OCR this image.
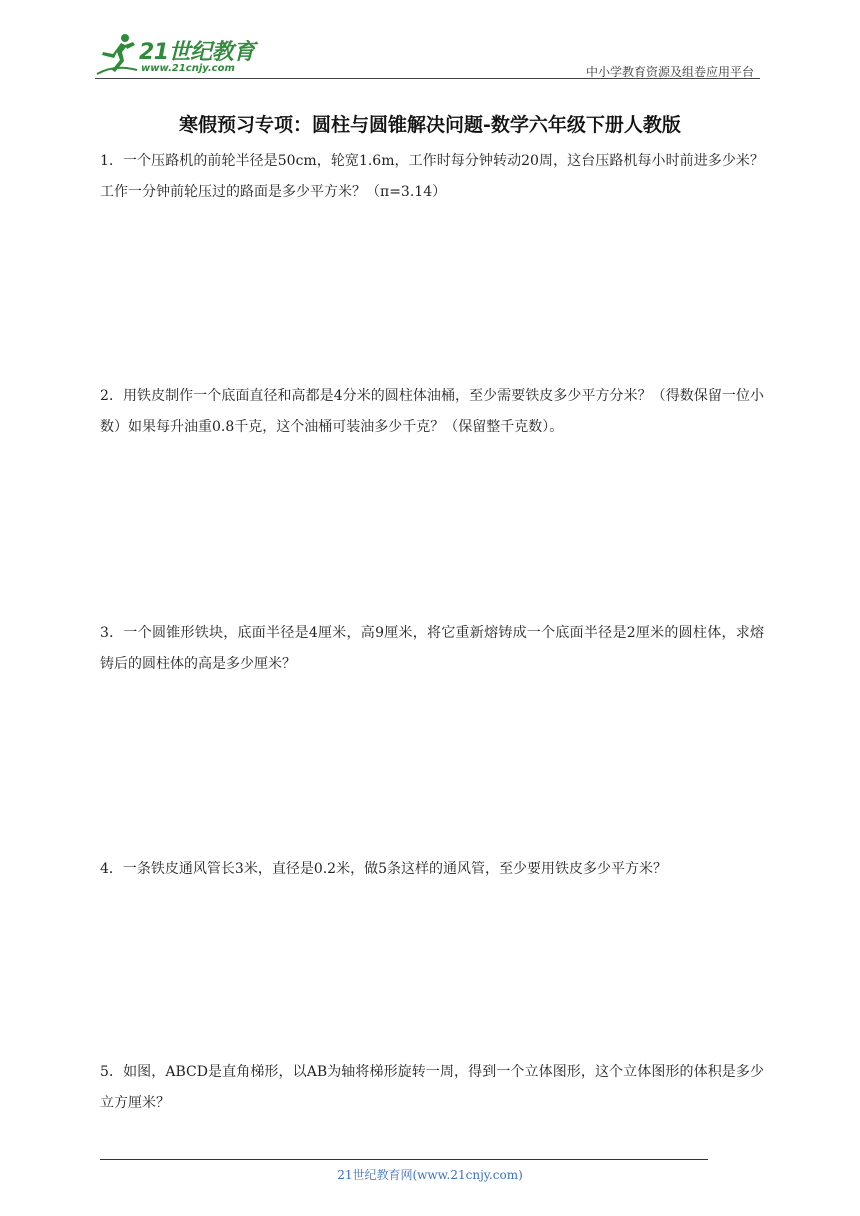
21世纪教育
www.21cnjy.com	中小学教育资源及组卷应用平台
寒假预习专项：圆柱与圆锥解决问题-数学六年级下册人教版
1．一个压路机的前轮半径是50cm，轮宽1.6m，工作时每分钟转动20周，这台压路机每小时前进多少米？工作一分钟前轮压过的路面是多少平方米？（π=3.14）
2．用铁皮制作一个底面直径和高都是4分米的圆柱体油桶，至少需要铁皮多少平方分米？（得数保留一位小数）如果每升油重0.8千克，这个油桶可装油多少千克？（保留整千克数）。
3．一个圆锥形铁块，底面半径是4厘米，高9厘米，将它重新熔铸成一个底面半径是2厘米的圆柱体，求熔铸后的圆柱体的高是多少厘米？
4．一条铁皮通风管长3米，直径是0.2米，做5条这样的通风管，至少要用铁皮多少平方米？
5．如图，ABCD是直角梯形，以AB为轴将梯形旋转一周，得到一个立体图形，这个立体图形的体积是多少立方厘米？
21世纪教育网(www.21cnjy.com)
